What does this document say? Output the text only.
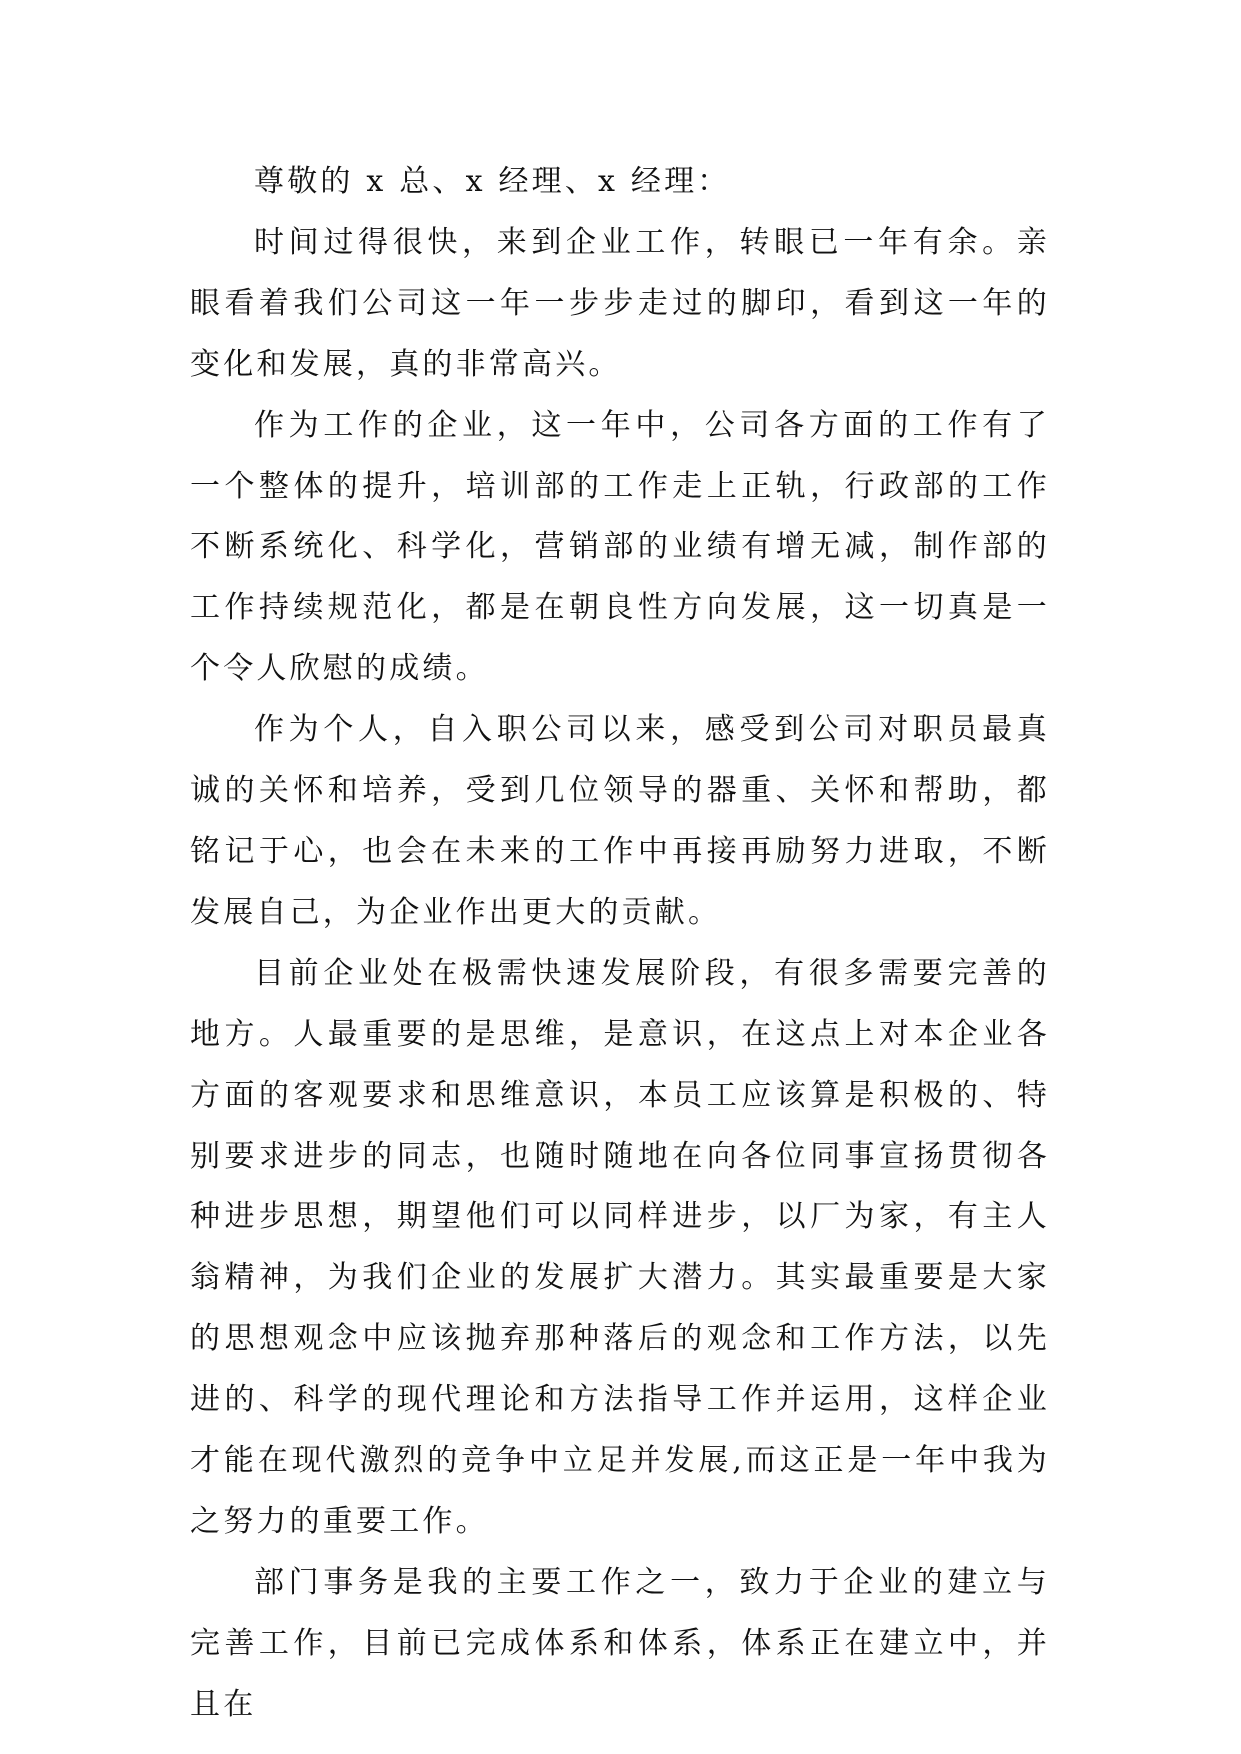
尊敬的 x 总、x 经理、x 经理：

时间过得很快，来到企业工作，转眼已一年有余。亲眼看着我们公司这一年一步步走过的脚印，看到这一年的变化和发展，真的非常高兴。

作为工作的企业，这一年中，公司各方面的工作有了一个整体的提升，培训部的工作走上正轨，行政部的工作不断系统化、科学化，营销部的业绩有增无减，制作部的工作持续规范化，都是在朝良性方向发展，这一切真是一个令人欣慰的成绩。

作为个人，自入职公司以来，感受到公司对职员最真诚的关怀和培养，受到几位领导的器重、关怀和帮助，都铭记于心，也会在未来的工作中再接再励努力进取，不断发展自己，为企业作出更大的贡献。

目前企业处在极需快速发展阶段，有很多需要完善的地方。人最重要的是思维，是意识，在这点上对本企业各方面的客观要求和思维意识，本员工应该算是积极的、特别要求进步的同志，也随时随地在向各位同事宣扬贯彻各种进步思想，期望他们可以同样进步，以厂为家，有主人翁精神，为我们企业的发展扩大潜力。其实最重要是大家的思想观念中应该抛弃那种落后的观念和工作方法，以先进的、科学的现代理论和方法指导工作并运用，这样企业才能在现代激烈的竞争中立足并发展,而这正是一年中我为之努力的重要工作。

部门事务是我的主要工作之一，致力于企业的建立与完善工作，目前已完成体系和体系，体系正在建立中，并且在
